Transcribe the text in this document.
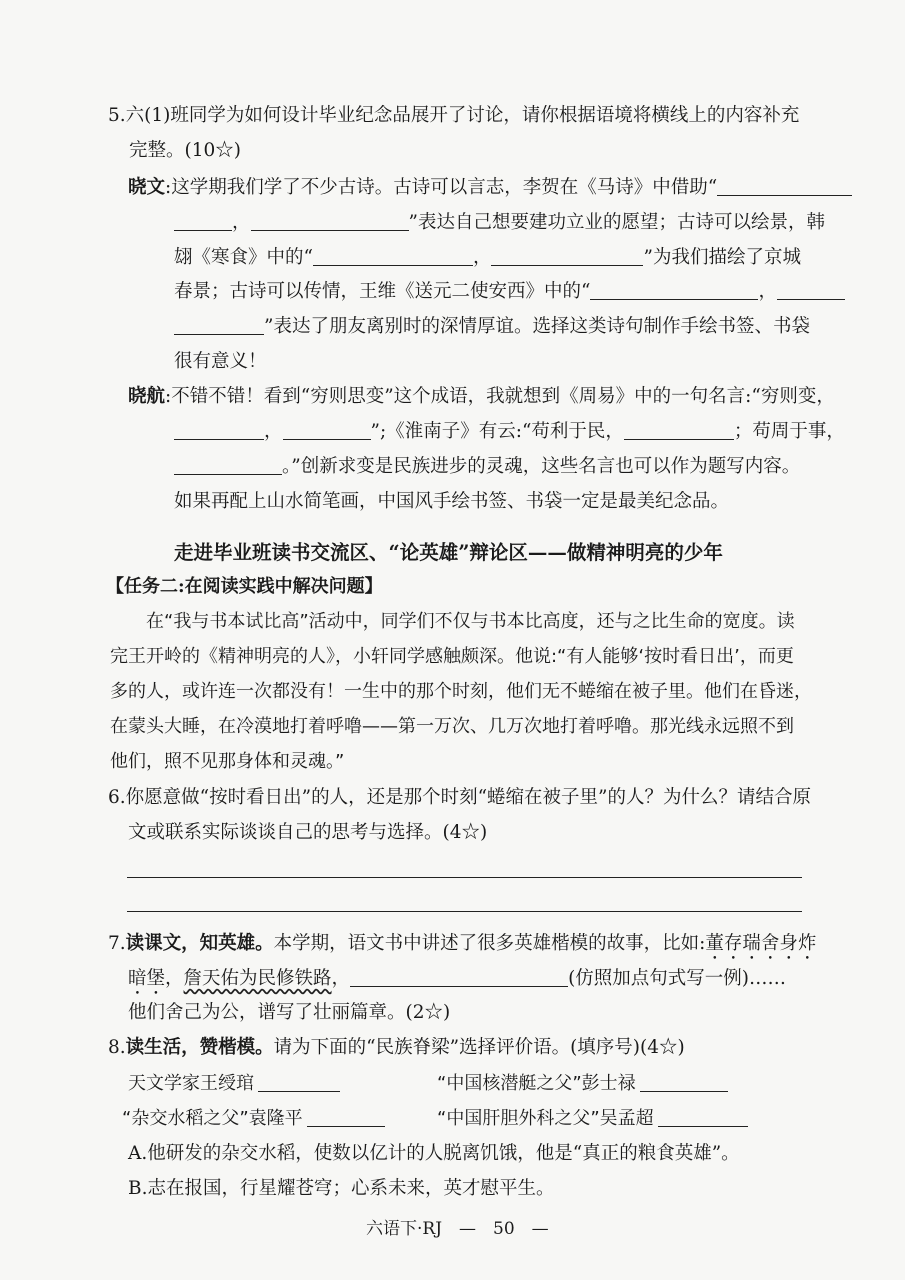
5.六(1)班同学为如何设计毕业纪念品展开了讨论，请你根据语境将横线上的内容补充
完整。(10☆)
晓文:这学期我们学了不少古诗。古诗可以言志，李贺在《马诗》中借助“
，	”表达自己想要建功立业的愿望；古诗可以绘景，韩
翃《寒食》中的“	，	”为我们描绘了京城
春景；古诗可以传情，王维《送元二使安西》中的“	，
”表达了朋友离别时的深情厚谊。选择这类诗句制作手绘书签、书袋
很有意义！
晓航:不错不错！看到“穷则思变”这个成语，我就想到《周易》中的一句名言:“穷则变，
，	”;《淮南子》有云:“苟利于民，	；苟周于事，
。”创新求变是民族进步的灵魂，这些名言也可以作为题写内容。
如果再配上山水简笔画，中国风手绘书签、书袋一定是最美纪念品。
走进毕业班读书交流区、“论英雄”辩论区——做精神明亮的少年
【任务二:在阅读实践中解决问题】
在“我与书本试比高”活动中，同学们不仅与书本比高度，还与之比生命的宽度。读
完王开岭的《精神明亮的人》，小轩同学感触颇深。他说:“有人能够‘按时看日出’，而更
多的人，或许连一次都没有！一生中的那个时刻，他们无不蜷缩在被子里。他们在昏迷，
在蒙头大睡，在冷漠地打着呼噜——第一万次、几万次地打着呼噜。那光线永远照不到
他们，照不见那身体和灵魂。”
6.你愿意做“按时看日出”的人，还是那个时刻“蜷缩在被子里”的人？为什么？请结合原
文或联系实际谈谈自己的思考与选择。(4☆)
7.读课文，知英雄。本学期，语文书中讲述了很多英雄楷模的故事，比如:董存瑞舍身炸
暗堡，詹天佑为民修铁路，	(仿照加点句式写一例)……
他们舍己为公，谱写了壮丽篇章。(2☆)
8.读生活，赞楷模。请为下面的“民族脊梁”选择评价语。(填序号)(4☆)
天文学家王绶琯	“中国核潜艇之父”彭士禄
“杂交水稻之父”袁隆平	“中国肝胆外科之父”吴孟超
A.他研发的杂交水稻，使数以亿计的人脱离饥饿，他是“真正的粮食英雄”。
B.志在报国，行星耀苍穹；心系未来，英才慰平生。
六语下·RJ　—　50　—
